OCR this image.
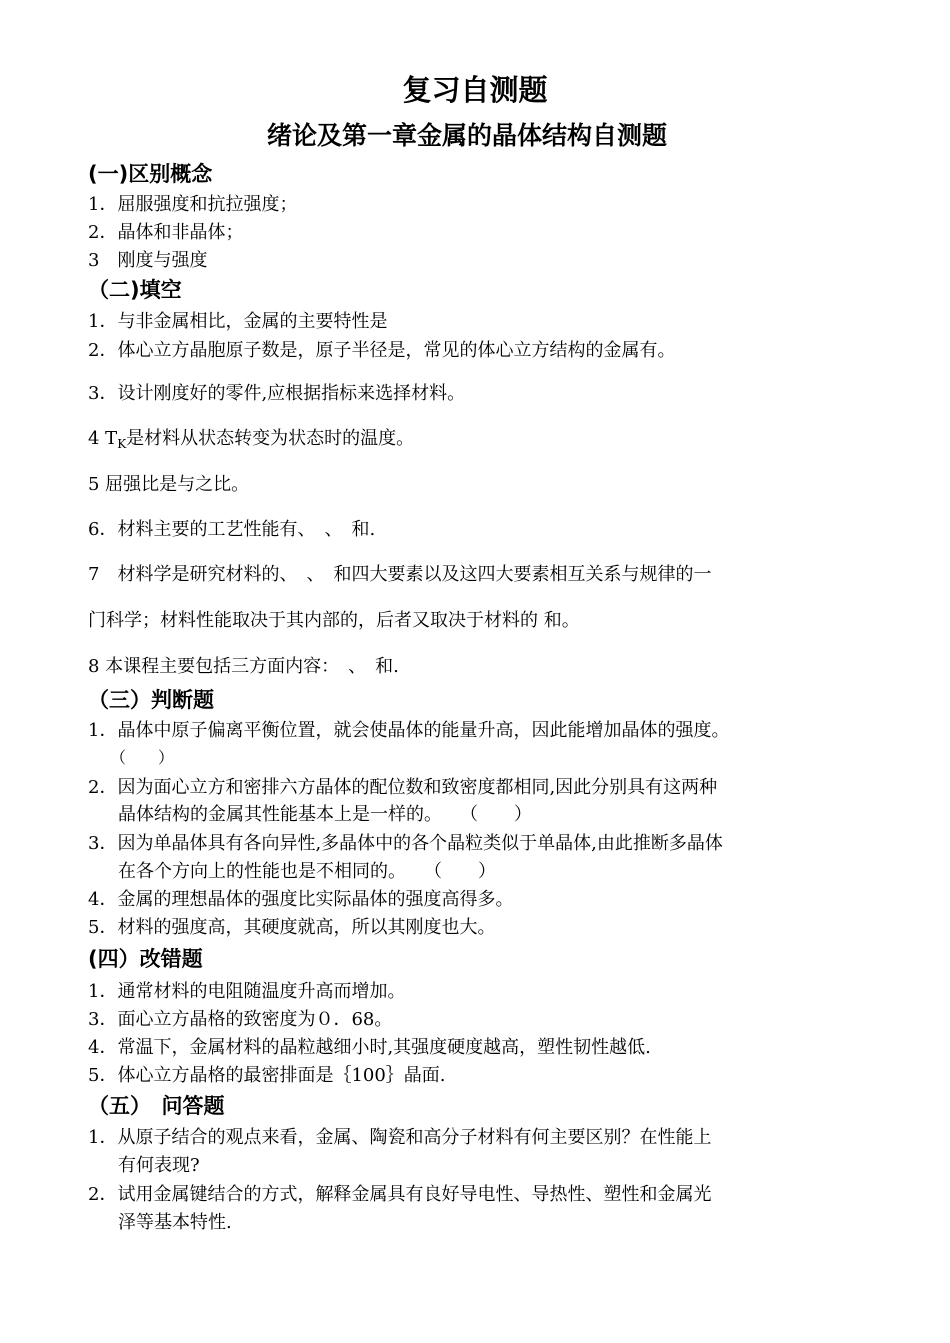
复习自测题
绪论及第一章金属的晶体结构自测题
(一)区别概念

1．屈服强度和抗拉强度；

2．晶体和非晶体；

3　刚度与强度

（二)填空

1．与非金属相比，金属的主要特性是

2．体心立方晶胞原子数是，原子半径是，常见的体心立方结构的金属有。

3．设计刚度好的零件,应根据指标来选择材料。

4 $T_K$是材料从状态转变为状态时的温度。

5 屈强比是与之比。

6．材料主要的工艺性能有、　、　和.

7　材料学是研究材料的、　、　和四大要素以及这四大要素相互关系与规律的一

门科学；材料性能取决于其内部的，后者又取决于材料的 和。

8 本课程主要包括三方面内容：　、　和.

（三）判断题

1．晶体中原子偏离平衡位置，就会使晶体的能量升高，因此能增加晶体的强度。

（　　）

2．因为面心立方和密排六方晶体的配位数和致密度都相同,因此分别具有这两种

晶体结构的金属其性能基本上是一样的。　　（　　）

3．因为单晶体具有各向异性,多晶体中的各个晶粒类似于单晶体,由此推断多晶体

在各个方向上的性能也是不相同的。　　（　　）

4．金属的理想晶体的强度比实际晶体的强度高得多。

5．材料的强度高，其硬度就高，所以其刚度也大。

(四）改错题

1．通常材料的电阻随温度升高而增加。

3．面心立方晶格的致密度为０．68。

4．常温下，金属材料的晶粒越细小时,其强度硬度越高，塑性韧性越低.

5．体心立方晶格的最密排面是｛100｝晶面.

（五）　问答题

1．从原子结合的观点来看，金属、陶瓷和高分子材料有何主要区别？在性能上

有何表现?

2．试用金属键结合的方式，解释金属具有良好导电性、导热性、塑性和金属光

泽等基本特性.
